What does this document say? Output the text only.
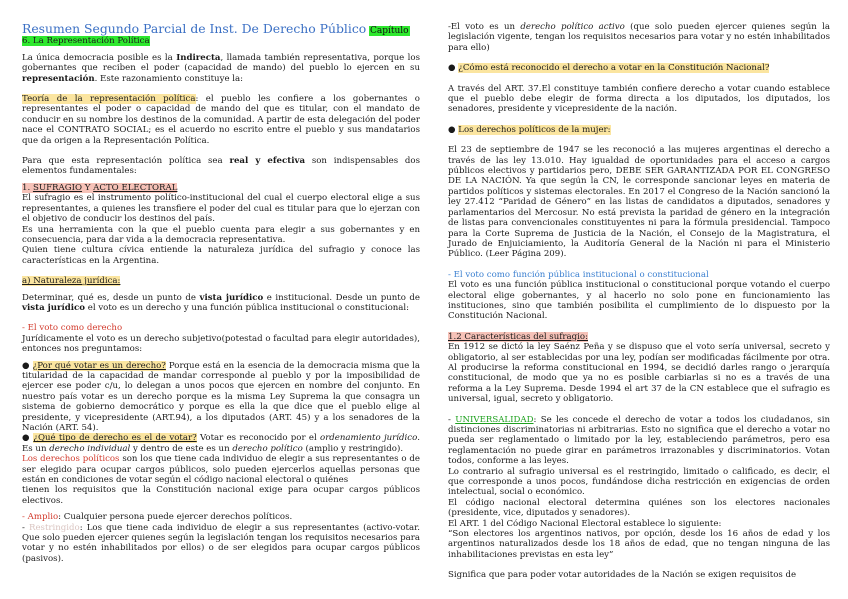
Resumen Segundo Parcial de Inst. De Derecho Público Capítulo
6. La Representación Política

La única democracia posible es la Indirecta, llamada también representativa, porque los gobernantes que reciben el poder (capacidad de mando) del pueblo lo ejercen en su representación. Este razonamiento constituye la:

Teoría de la representación política: el pueblo les confiere a los gobernantes o representantes el poder o capacidad de mando del que es titular, con el mandato de conducir en su nombre los destinos de la comunidad. A partir de esta delegación del poder nace el CONTRATO SOCIAL; es el acuerdo no escrito entre el pueblo y sus mandatarios que da origen a la Representación Política.

Para que esta representación política sea real y efectiva son indispensables dos elementos fundamentales:

1. SUFRAGIO Y ACTO ELECTORAL

El sufragio es el instrumento político-institucional del cual el cuerpo electoral elige a sus representantes, a quienes les transfiere el poder del cual es titular para que lo ejerzan con el objetivo de conducir los destinos del país.

Es una herramienta con la que el pueblo cuenta para elegir a sus gobernantes y en consecuencia, para dar vida a la democracia representativa.

Quien tiene cultura cívica entiende la naturaleza jurídica del sufragio y conoce las características en la Argentina.

a) Naturaleza jurídica:

Determinar, qué es, desde un punto de vista jurídico e institucional. Desde un punto de vista jurídico el voto es un derecho y una función pública institucional o constitucional:

- El voto como derecho

Jurídicamente el voto es un derecho subjetivo(potestad o facultad para elegir autoridades), entonces nos preguntamos:

● ¿Por qué votar es un derecho? Porque está en la esencia de la democracia misma que la titularidad de la capacidad de mandar corresponde al pueblo y por la imposibilidad de ejercer ese poder c/u, lo delegan a unos pocos que ejercen en nombre del conjunto. En nuestro país votar es un derecho porque es la misma Ley Suprema la que consagra un sistema de gobierno democrático y porque es ella la que dice que el pueblo elige al presidente, y vicepresidente (ART.94), a los diputados (ART. 45) y a los senadores de la Nación (ART. 54).

● ¿Qué tipo de derecho es el de votar? Votar es reconocido por el ordenamiento jurídico. Es un derecho individual y dentro de este es un derecho político (amplio y restringido).

Los derechos políticos son los que tiene cada individuo de elegir a sus representantes o de ser elegido para ocupar cargos públicos, solo pueden ejercerlos aquellas personas que están en condiciones de votar según el código nacional electoral o quiénes

tienen los requisitos que la Constitución nacional exige para ocupar cargos públicos electivos.

- Amplio: Cualquier persona puede ejercer derechos políticos.

- Restringido: Los que tiene cada individuo de elegir a sus representantes (activo-votar. Que solo pueden ejercer quienes según la legislación tengan los requisitos necesarios para votar y no estén inhabilitados por ellos) o de ser elegidos para ocupar cargos públicos (pasivos).

-El voto es un derecho político activo (que solo pueden ejercer quienes según la legislación vigente, tengan los requisitos necesarios para votar y no estén inhabilitados para ello)

● ¿Cómo está reconocido el derecho a votar en la Constitución Nacional?

A través del ART. 37.El constituye también confiere derecho a votar cuando establece que el pueblo debe elegir de forma directa a los diputados, los diputados, los senadores, presidente y vicepresidente de la nación.

● Los derechos políticos de la mujer:

El 23 de septiembre de 1947 se les reconoció a las mujeres argentinas el derecho a través de las ley 13.010. Hay igualdad de oportunidades para el acceso a cargos públicos electivos y partidarios pero, DEBE SER GARANTIZADA POR EL CONGRESO DE LA NACIÓN. Ya que según la CN, le corresponde sancionar leyes en materia de partidos políticos y sistemas electorales. En 2017 el Congreso de la Nación sancionó la ley 27.412 “Paridad de Género” en las listas de candidatos a diputados, senadores y parlamentarios del Mercosur. No está prevista la paridad de género en la integración de listas para convencionales constituyentes ni para la fórmula presidencial. Tampoco para la Corte Suprema de Justicia de la Nación, el Consejo de la Magistratura, el Jurado de Enjuiciamiento, la Auditoría General de la Nación ni para el Ministerio Público. (Leer Página 209).

- El voto como función pública institucional o constitucional

El voto es una función pública institucional o constitucional porque votando el cuerpo electoral elige gobernantes, y al hacerlo no solo pone en funcionamiento las instituciones, sino que también posibilita el cumplimiento de lo dispuesto por la Constitución Nacional.

1.2 Características del sufragio:

En 1912 se dictó la ley Saénz Peña y se dispuso que el voto sería universal, secreto y obligatorio, al ser establecidas por una ley, podían ser modificadas fácilmente por otra. Al producirse la reforma constitucional en 1994, se decidió darles rango o jerarquía constitucional, de modo que ya no es posible carbiarlas si no es a través de una reforma a la Ley Suprema. Desde 1994 el art 37 de la CN establece que el sufragio es universal, igual, secreto y obligatorio.

- UNIVERSALIDAD: Se les concede el derecho de votar a todos los ciudadanos, sin distinciones discriminatorias ni arbitrarias. Esto no significa que el derecho a votar no pueda ser reglamentado o limitado por la ley, estableciendo parámetros, pero esa reglamentación no puede girar en parámetros irrazonables y discriminatorios. Votan todos, conforme a las leyes.

Lo contrario al sufragio universal es el restringido, limitado o calificado, es decir, el que corresponde a unos pocos, fundándose dicha restricción en exigencias de orden intelectual, social o económico.

El código nacional electoral determina quiénes son los electores nacionales (presidente, vice, diputados y senadores).

El ART. 1 del Código Nacional Electoral establece lo siguiente:

“Son electores los argentinos nativos, por opción, desde los 16 años de edad y los argentinos naturalizados desde los 18 años de edad, que no tengan ninguna de las inhabilitaciones previstas en esta ley”

Significa que para poder votar autoridades de la Nación se exigen requisitos de
